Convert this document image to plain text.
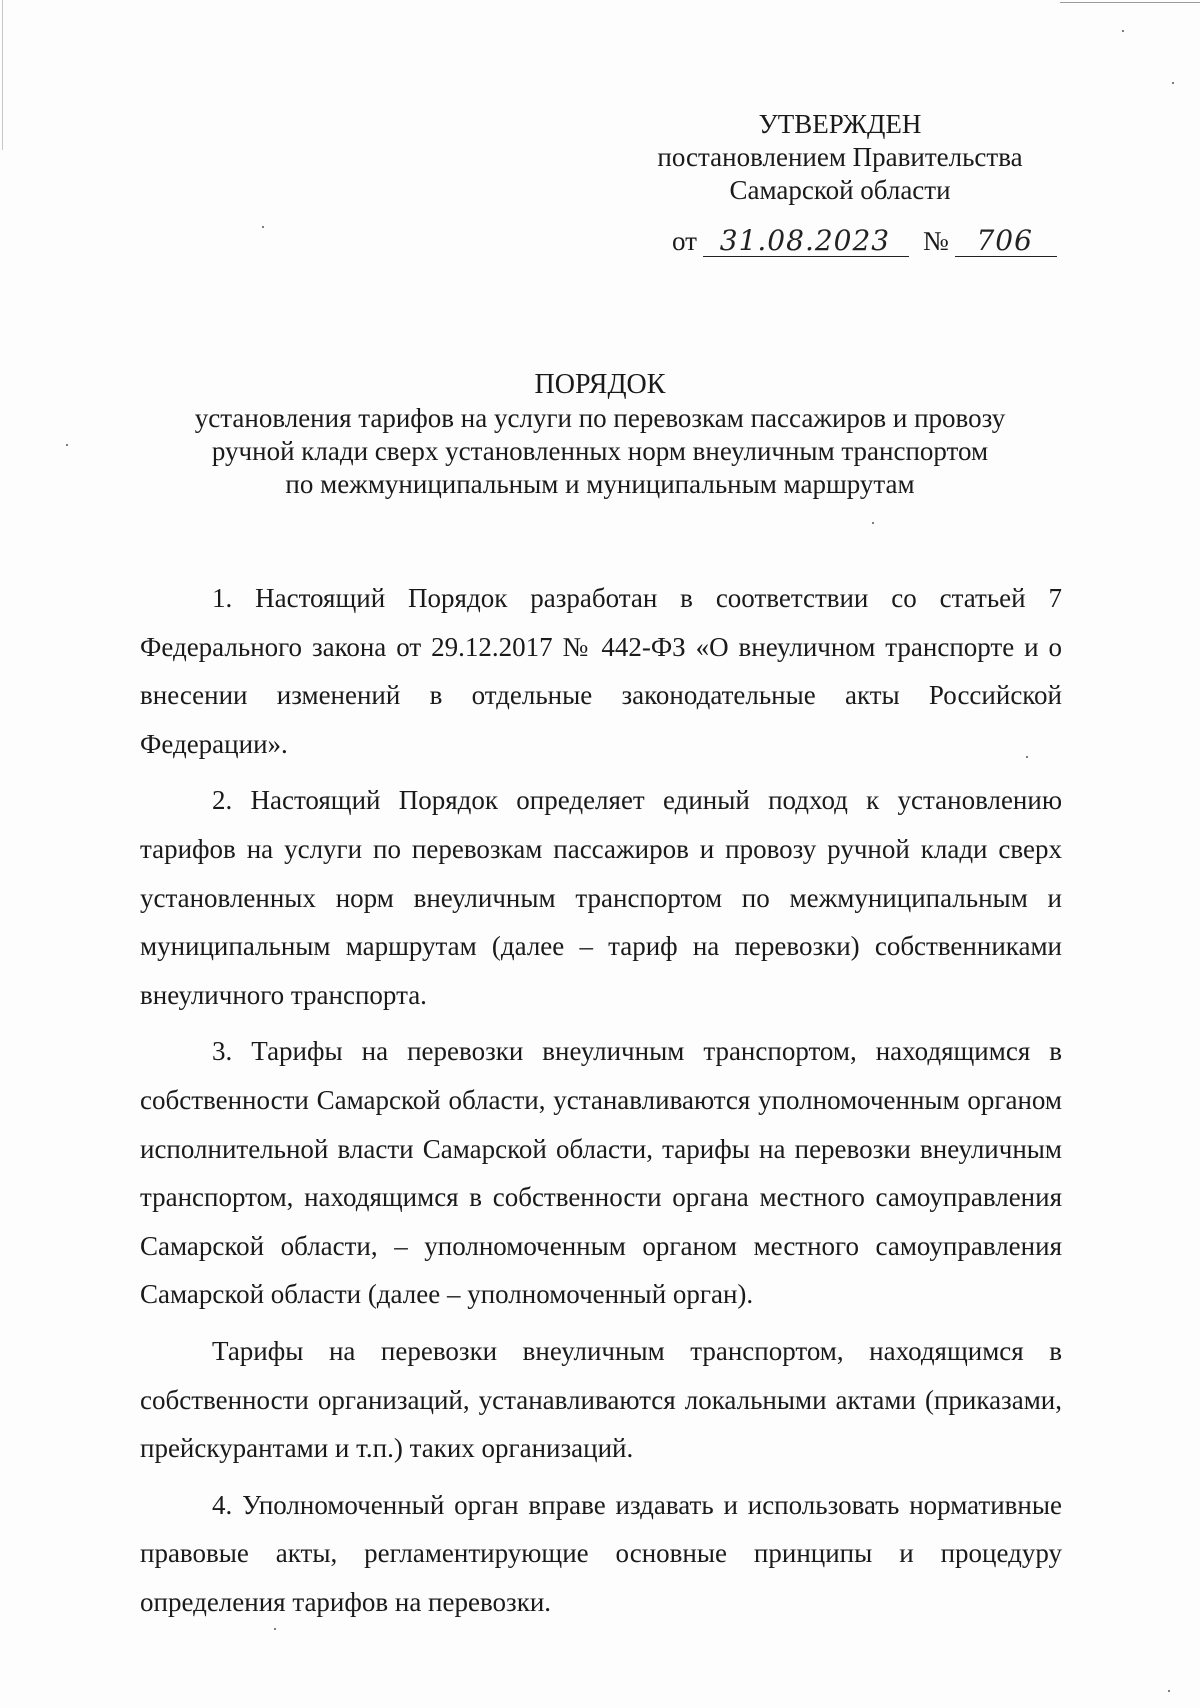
УТВЕРЖДЕН
постановлением Правительства
Самарской области
от 31.08.2023 № 706
ПОРЯДОК
установления тарифов на услуги по перевозкам пассажиров и провозу
ручной клади сверх установленных норм внеуличным транспортом
по межмуниципальным и муниципальным маршрутам

1. Настоящий Порядок разработан в соответствии со статьей 7 Федерального закона от 29.12.2017 № 442-ФЗ «О внеуличном транспорте и о внесении изменений в отдельные законодательные акты Российской Федерации».

2. Настоящий Порядок определяет единый подход к установлению тарифов на услуги по перевозкам пассажиров и провозу ручной клади сверх установленных норм внеуличным транспортом по межмуниципальным и муниципальным маршрутам (далее – тариф на перевозки) собственниками внеуличного транспорта.

3. Тарифы на перевозки внеуличным транспортом, находящимся в собственности Самарской области, устанавливаются уполномоченным органом исполнительной власти Самарской области, тарифы на перевозки внеуличным транспортом, находящимся в собственности органа местного самоуправления Самарской области, – уполномоченным органом местного самоуправления Самарской области (далее – уполномоченный орган).

Тарифы на перевозки внеуличным транспортом, находящимся в собственности организаций, устанавливаются локальными актами (приказами, прейскурантами и т.п.) таких организаций.

4. Уполномоченный орган вправе издавать и использовать нормативные правовые акты, регламентирующие основные принципы и процедуру определения тарифов на перевозки.
